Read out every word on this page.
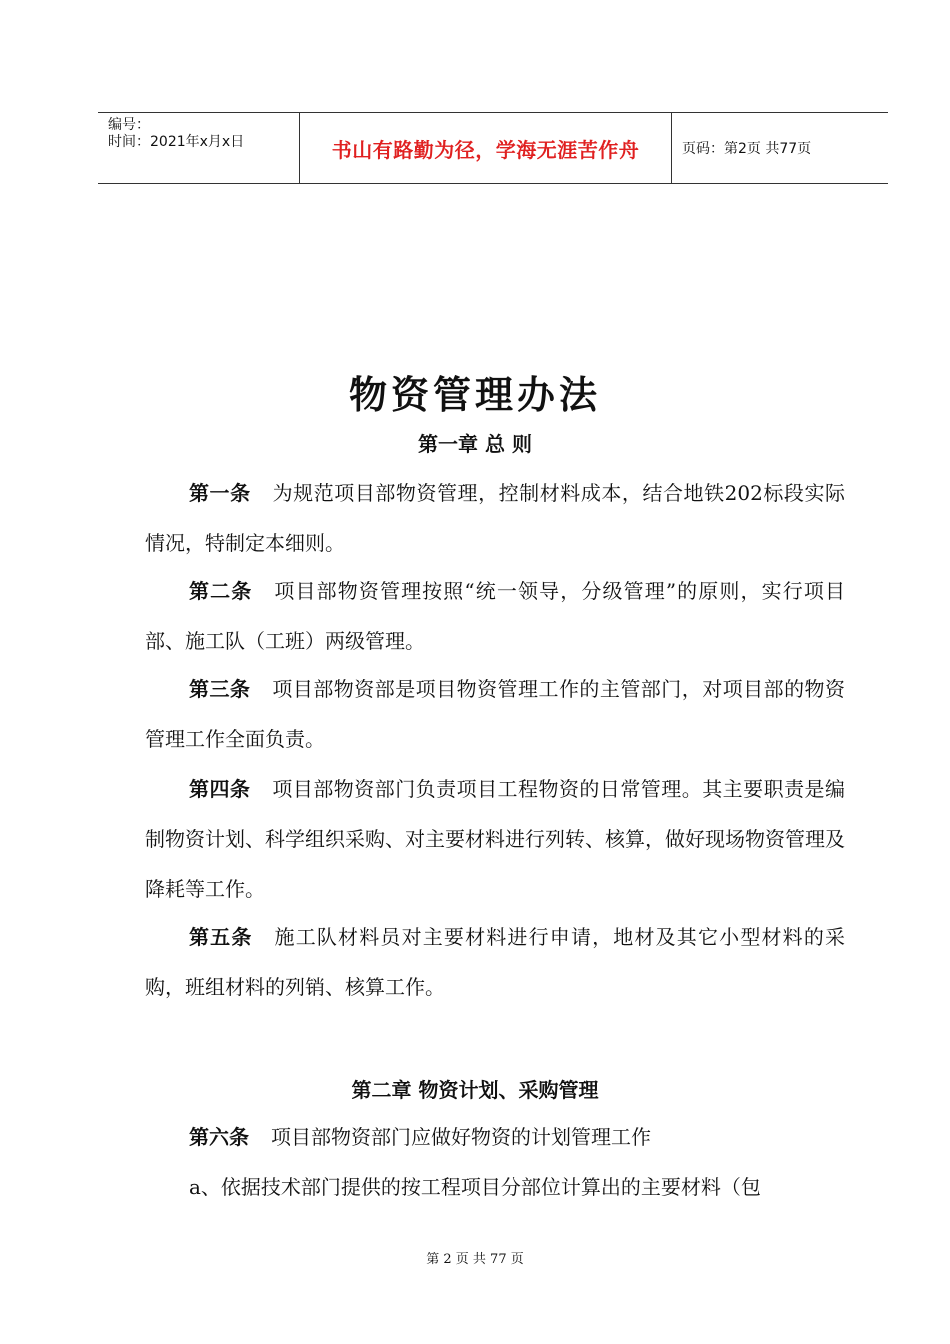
编号：
时间：2021年x月x日	书山有路勤为径，学海无涯苦作舟	页码：第2页 共77页
物资管理办法
第一章 总 则
第一条 为规范项目部物资管理，控制材料成本，结合地铁202标段实际情况，特制定本细则。
第二条 项目部物资管理按照“统一领导，分级管理”的原则，实行项目部、施工队（工班）两级管理。
第三条 项目部物资部是项目物资管理工作的主管部门，对项目部的物资管理工作全面负责。
第四条 项目部物资部门负责项目工程物资的日常管理。其主要职责是编制物资计划、科学组织采购、对主要材料进行列转、核算，做好现场物资管理及降耗等工作。
第五条 施工队材料员对主要材料进行申请，地材及其它小型材料的采购，班组材料的列销、核算工作。
第二章 物资计划、采购管理
第六条 项目部物资部门应做好物资的计划管理工作
a、依据技术部门提供的按工程项目分部位计算出的主要材料（包
第 2 页 共 77 页
